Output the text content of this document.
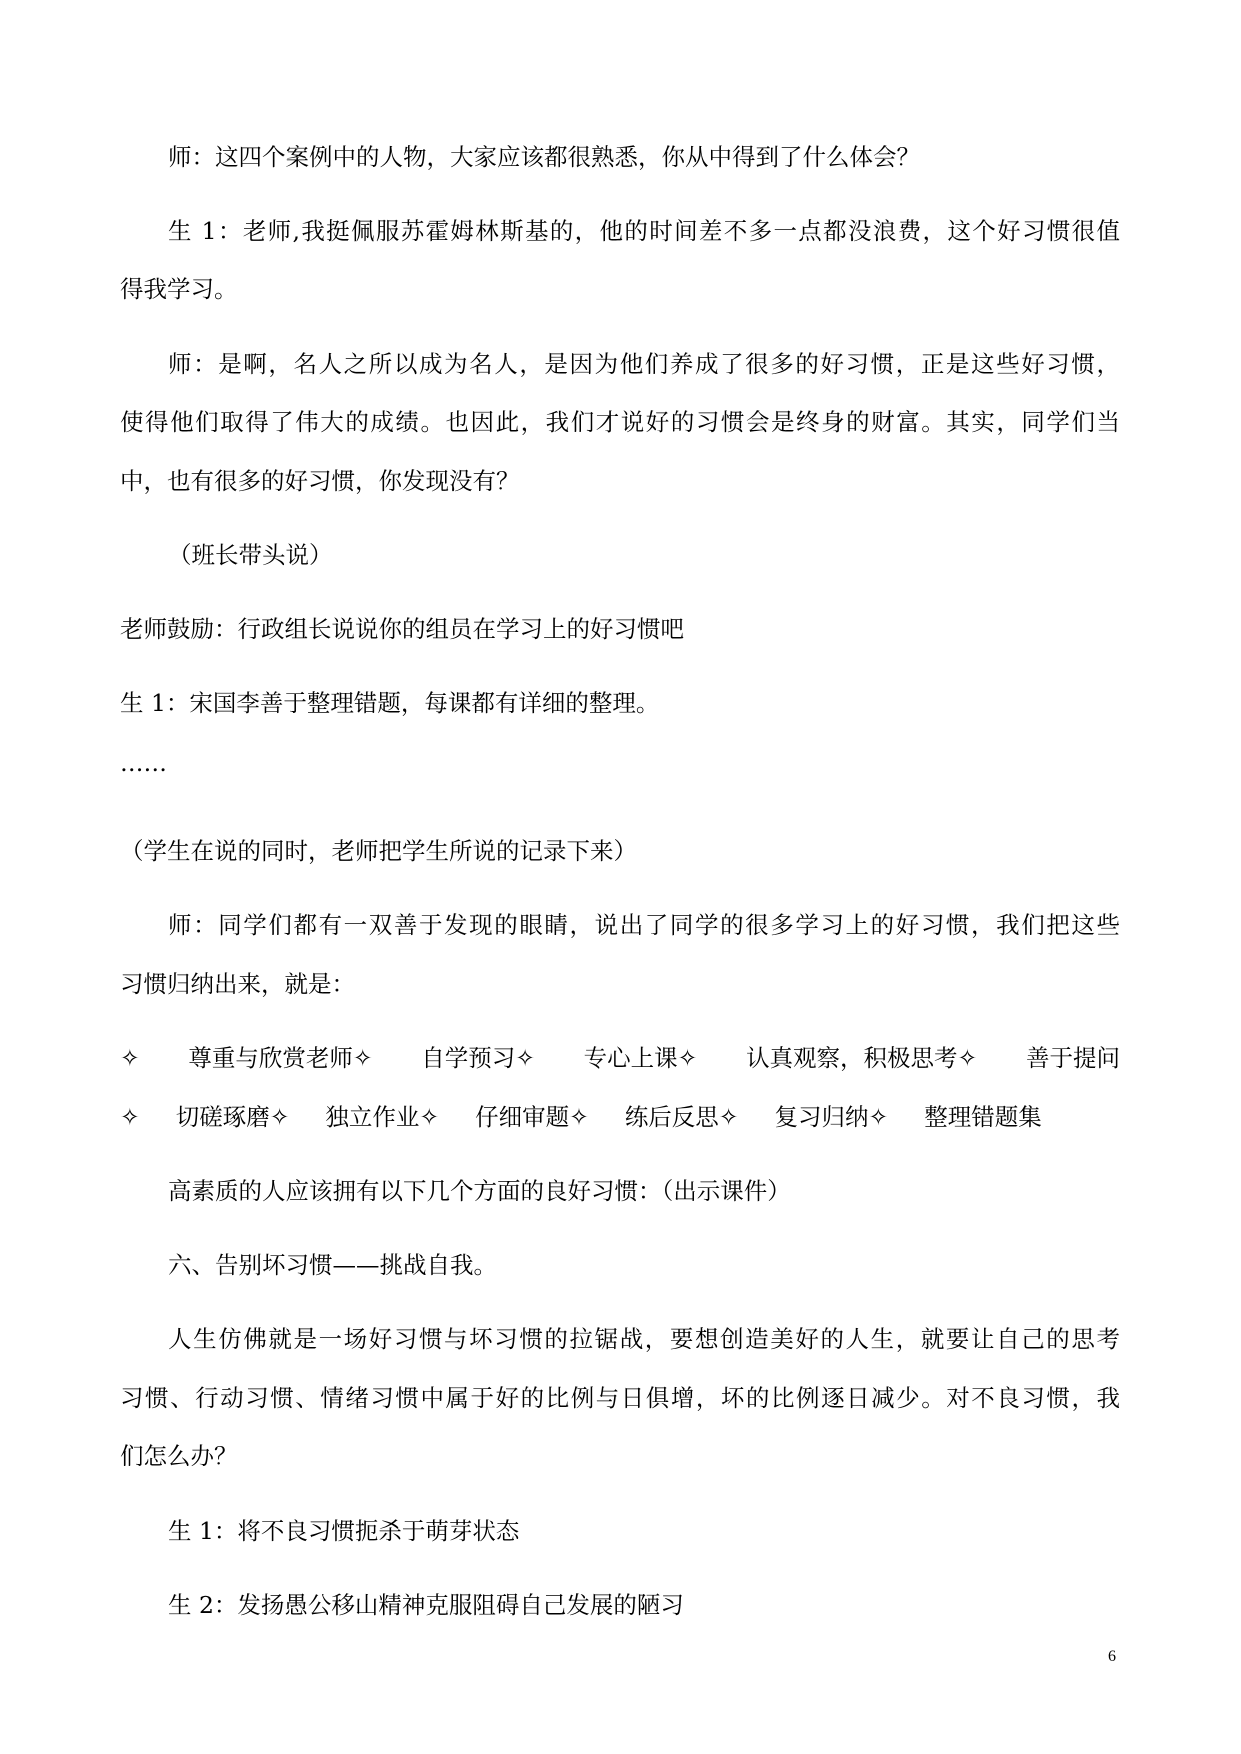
师：这四个案例中的人物，大家应该都很熟悉，你从中得到了什么体会？
生 1：老师,我挺佩服苏霍姆林斯基的，他的时间差不多一点都没浪费，这个好习惯很值
得我学习。
师：是啊，名人之所以成为名人，是因为他们养成了很多的好习惯，正是这些好习惯，
使得他们取得了伟大的成绩。也因此，我们才说好的习惯会是终身的财富。其实，同学们当
中，也有很多的好习惯，你发现没有？
（班长带头说）
老师鼓励：行政组长说说你的组员在学习上的好习惯吧
生 1：宋国李善于整理错题，每课都有详细的整理。
……
（学生在说的同时，老师把学生所说的记录下来）
师：同学们都有一双善于发现的眼睛，说出了同学的很多学习上的好习惯，我们把这些
习惯归纳出来，就是：
✧ 尊重与欣赏老师✧ 自学预习✧ 专心上课✧ 认真观察，积极思考✧ 善于提问
✧ 切磋琢磨✧ 独立作业✧ 仔细审题✧ 练后反思✧ 复习归纳✧ 整理错题集
高素质的人应该拥有以下几个方面的良好习惯：（出示课件）
六、告别坏习惯——挑战自我。
人生仿佛就是一场好习惯与坏习惯的拉锯战，要想创造美好的人生，就要让自己的思考
习惯、行动习惯、情绪习惯中属于好的比例与日俱增，坏的比例逐日减少。对不良习惯，我
们怎么办？
生 1：将不良习惯扼杀于萌芽状态
生 2：发扬愚公移山精神克服阻碍自己发展的陋习
6
